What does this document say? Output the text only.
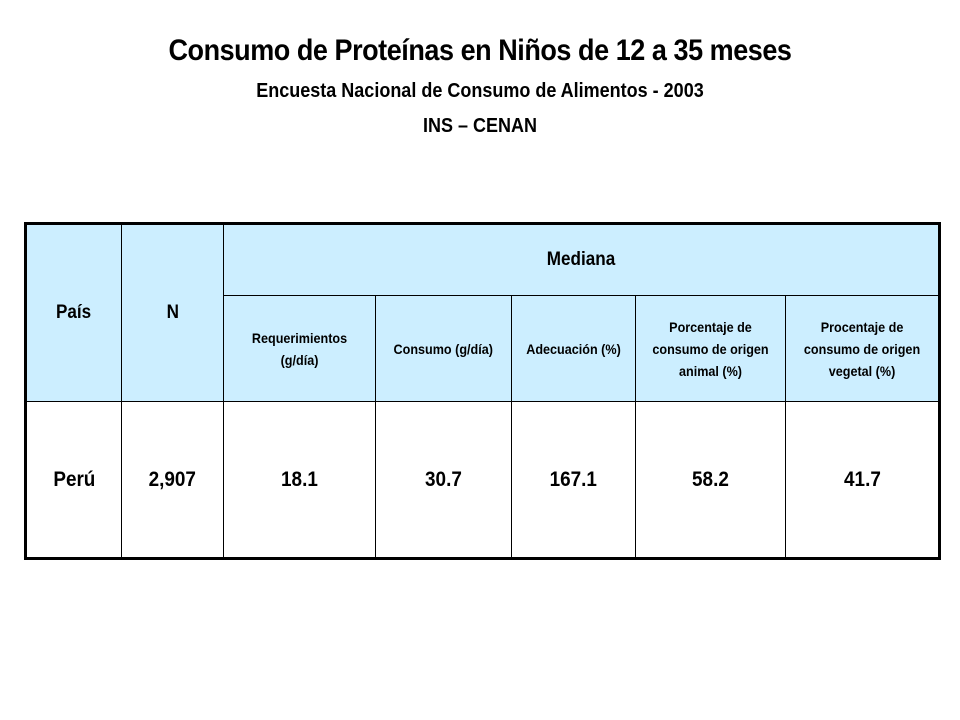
Consumo de Proteínas en Niños de 12 a 35 meses
Encuesta Nacional de Consumo de Alimentos - 2003
INS – CENAN
País	N	Mediana				
		Requerimientos (g/día)	Consumo (g/día)	Adecuación (%)	Porcentaje de consumo de origen animal (%)	Procentaje de consumo de origen vegetal (%)
Perú	2,907	18.1	30.7	167.1	58.2	41.7
